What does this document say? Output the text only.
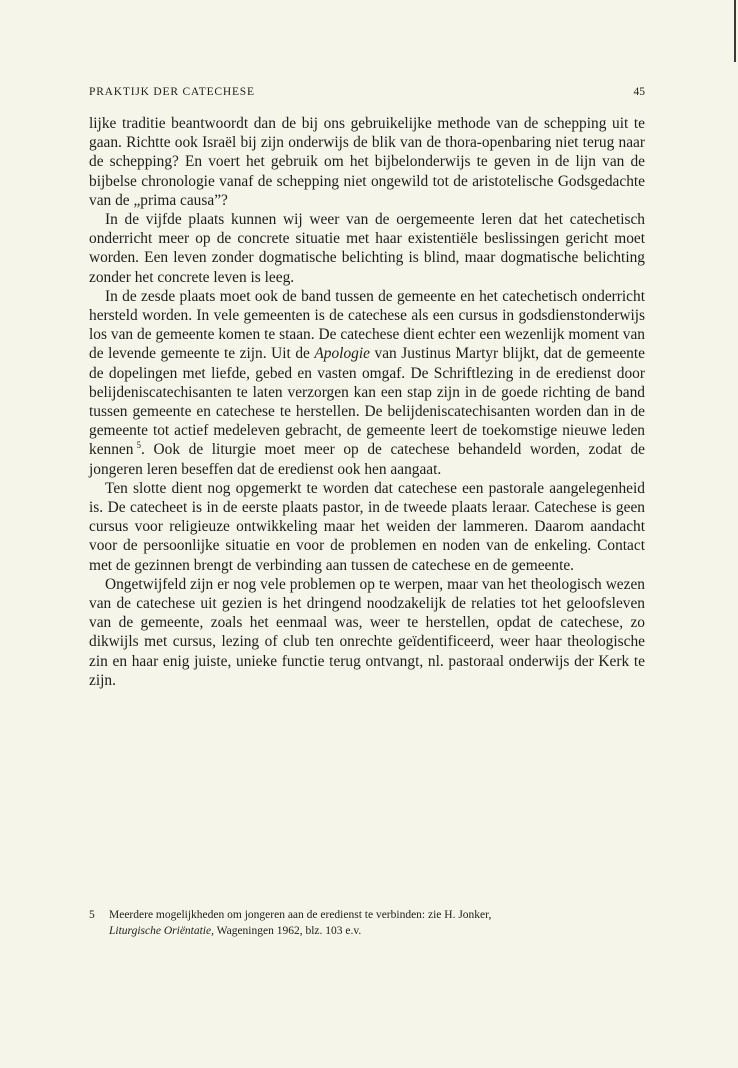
PRAKTIJK DER CATECHESE	45

lijke traditie beantwoordt dan de bij ons gebruikelijke methode van de schepping uit te gaan. Richtte ook Israël bij zijn onderwijs de blik van de thora-openbaring niet terug naar de schepping? En voert het gebruik om het bijbelonderwijs te geven in de lijn van de bijbelse chronologie vanaf de schepping niet ongewild tot de aristotelische Godsgedachte van de „prima causa”?

In de vijfde plaats kunnen wij weer van de oergemeente leren dat het catechetisch onderricht meer op de concrete situatie met haar existentiële beslissingen gericht moet worden. Een leven zonder dogmatische belichting is blind, maar dogmatische belichting zonder het concrete leven is leeg.

In de zesde plaats moet ook de band tussen de gemeente en het catechetisch onderricht hersteld worden. In vele gemeenten is de catechese als een cursus in godsdienstonderwijs los van de gemeente komen te staan. De catechese dient echter een wezenlijk moment van de levende gemeente te zijn. Uit de Apologie van Justinus Martyr blijkt, dat de gemeente de dopelingen met liefde, gebed en vasten omgaf. De Schriftlezing in de eredienst door belijdeniscatechisanten te laten verzorgen kan een stap zijn in de goede richting de band tussen gemeente en catechese te herstellen. De belijdeniscatechisanten worden dan in de gemeente tot actief medeleven gebracht, de gemeente leert de toekomstige nieuwe leden kennen  $^5$. Ook de liturgie moet meer op de catechese behandeld worden, zodat de jongeren leren beseffen dat de eredienst ook hen aangaat.

Ten slotte dient nog opgemerkt te worden dat catechese een pastorale aangelegenheid is. De catecheet is in de eerste plaats pastor, in de tweede plaats leraar. Catechese is geen cursus voor religieuze ontwikkeling maar het weiden der lammeren. Daarom aandacht voor de persoonlijke situatie en voor de problemen en noden van de enkeling. Contact met de gezinnen brengt de verbinding aan tussen de catechese en de gemeente.

Ongetwijfeld zijn er nog vele problemen op te werpen, maar van het theologisch wezen van de catechese uit gezien is het dringend noodzakelijk de relaties tot het geloofsleven van de gemeente, zoals het eenmaal was, weer te herstellen, opdat de catechese, zo dikwijls met cursus, lezing of club ten onrechte geïdentificeerd, weer haar theologische zin en haar enig juiste, unieke functie terug ontvangt, nl. pastoraal onderwijs der Kerk te zijn.

5	Meerdere mogelijkheden om jongeren aan de eredienst te verbinden: zie H. Jonker,
Liturgische Oriëntatie, Wageningen 1962, blz. 103 e.v.
